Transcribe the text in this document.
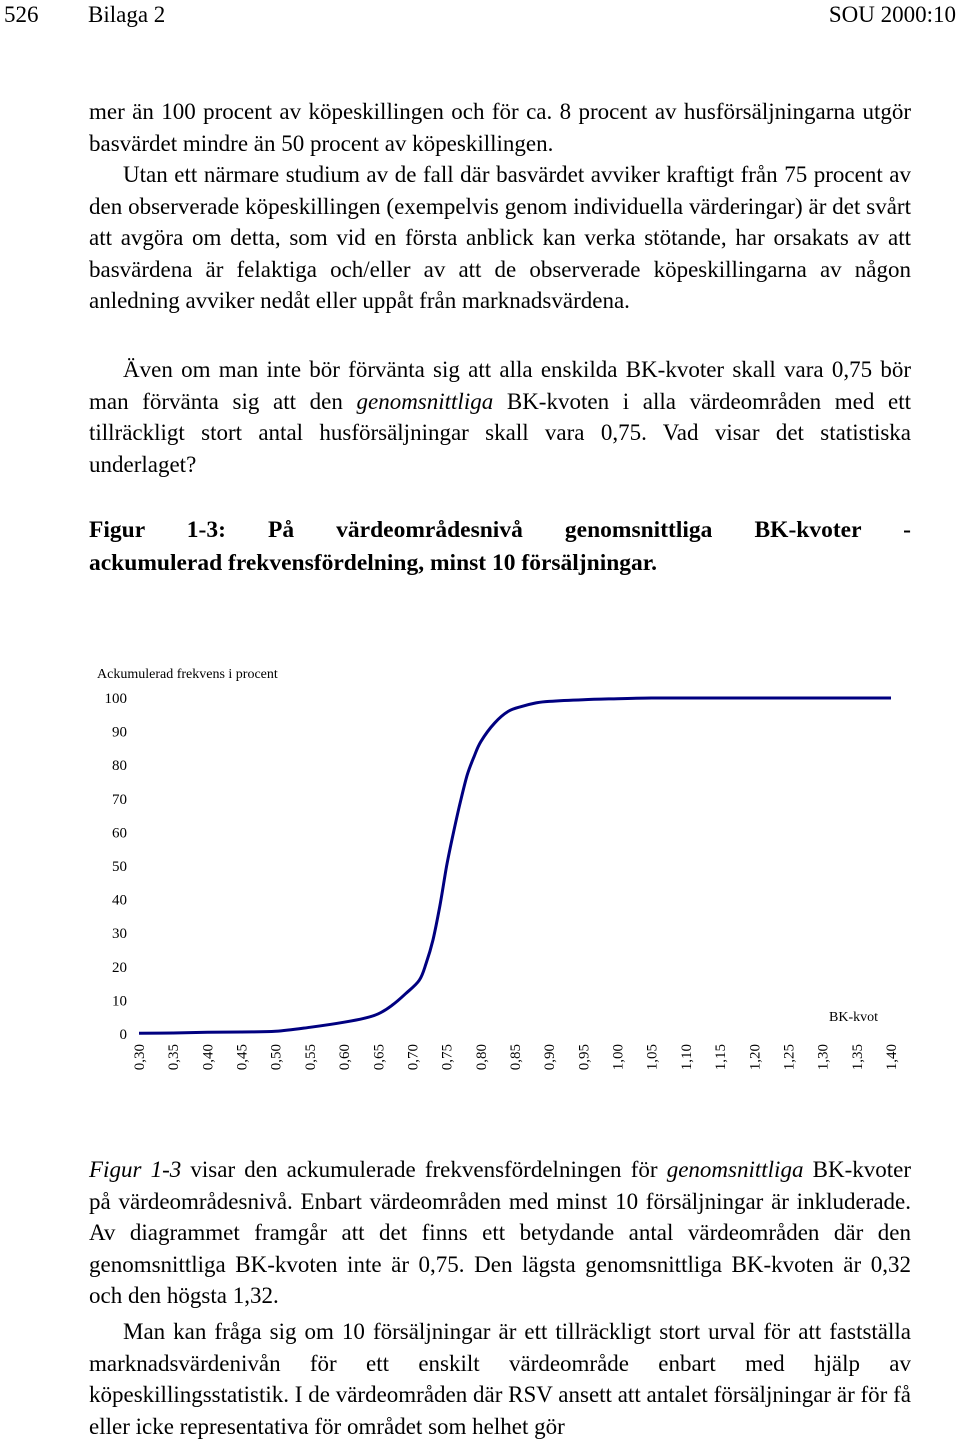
526 Bilaga 2	SOU 2000:10

mer än 100 procent av köpeskillingen och för ca. 8 procent av husförsäljningarna utgör basvärdet mindre än 50 procent av köpeskillingen.

Utan ett närmare studium av de fall där basvärdet avviker kraftigt från 75 procent av den observerade köpeskillingen (exempelvis genom individuella värderingar) är det svårt att avgöra om detta, som vid en första anblick kan verka stötande, har orsakats av att basvärdena är felaktiga och/eller av att de observerade köpeskillingarna av någon anledning avviker nedåt eller uppåt från marknadsvärdena.

Även om man inte bör förvänta sig att alla enskilda BK-kvoter skall vara 0,75 bör man förvänta sig att den genomsnittliga BK-kvoten i alla värdeområden med ett tillräckligt stort antal husförsäljningar skall vara 0,75. Vad visar det statistiska underlaget?

Figur 1-3: På värdeområdesnivå genomsnittliga BK-kvoter -
ackumulerad frekvensfördelning, minst 10 försäljningar.

Ackumulerad frekvens i procent
BK-kvot
0
10
20
30
40
50
60
70
80
90
100
0,30 0,35 0,40 0,45 0,50 0,55 0,60 0,65 0,70 0,75 0,80 0,85 0,90 0,95 1,00 1,05 1,10 1,15 1,20 1,25 1,30 1,35 1,40

Figur 1-3 visar den ackumulerade frekvensfördelningen för genomsnittliga BK-kvoter på värdeområdesnivå. Enbart värdeområden med minst 10 försäljningar är inkluderade. Av diagrammet framgår att det finns ett betydande antal värdeområden där den genomsnittliga BK-kvoten inte är 0,75. Den lägsta genomsnittliga BK-kvoten är 0,32 och den högsta 1,32.

Man kan fråga sig om 10 försäljningar är ett tillräckligt stort urval för att fastställa marknadsvärdenivån för ett enskilt värdeområde enbart med hjälp av köpeskillingsstatistik. I de värdeområden där RSV ansett att antalet försäljningar är för få eller icke representativa för området som helhet gör
